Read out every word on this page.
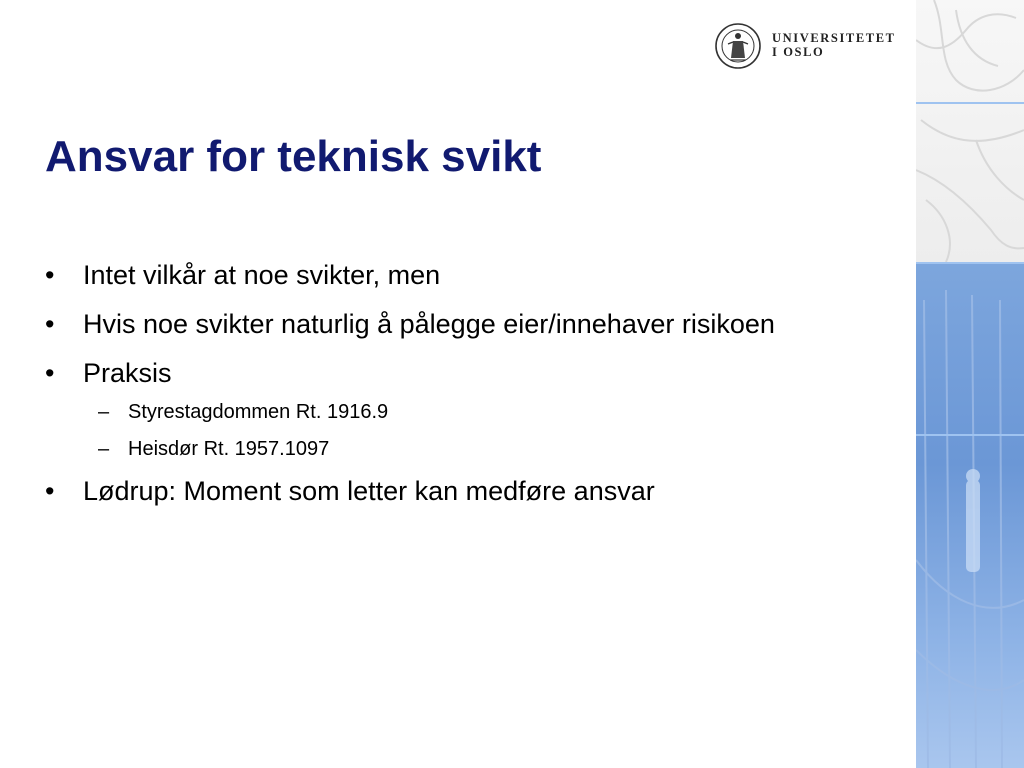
UNIVERSITETET
I OSLO
Ansvar for teknisk svikt
•	Intet vilkår at noe svikter, men
•	Hvis noe svikter naturlig å pålegge eier/innehaver risikoen
•	Praksis
– Styrestagdommen Rt. 1916.9
– Heisdør Rt. 1957.1097
•	Lødrup: Moment som letter kan medføre ansvar
